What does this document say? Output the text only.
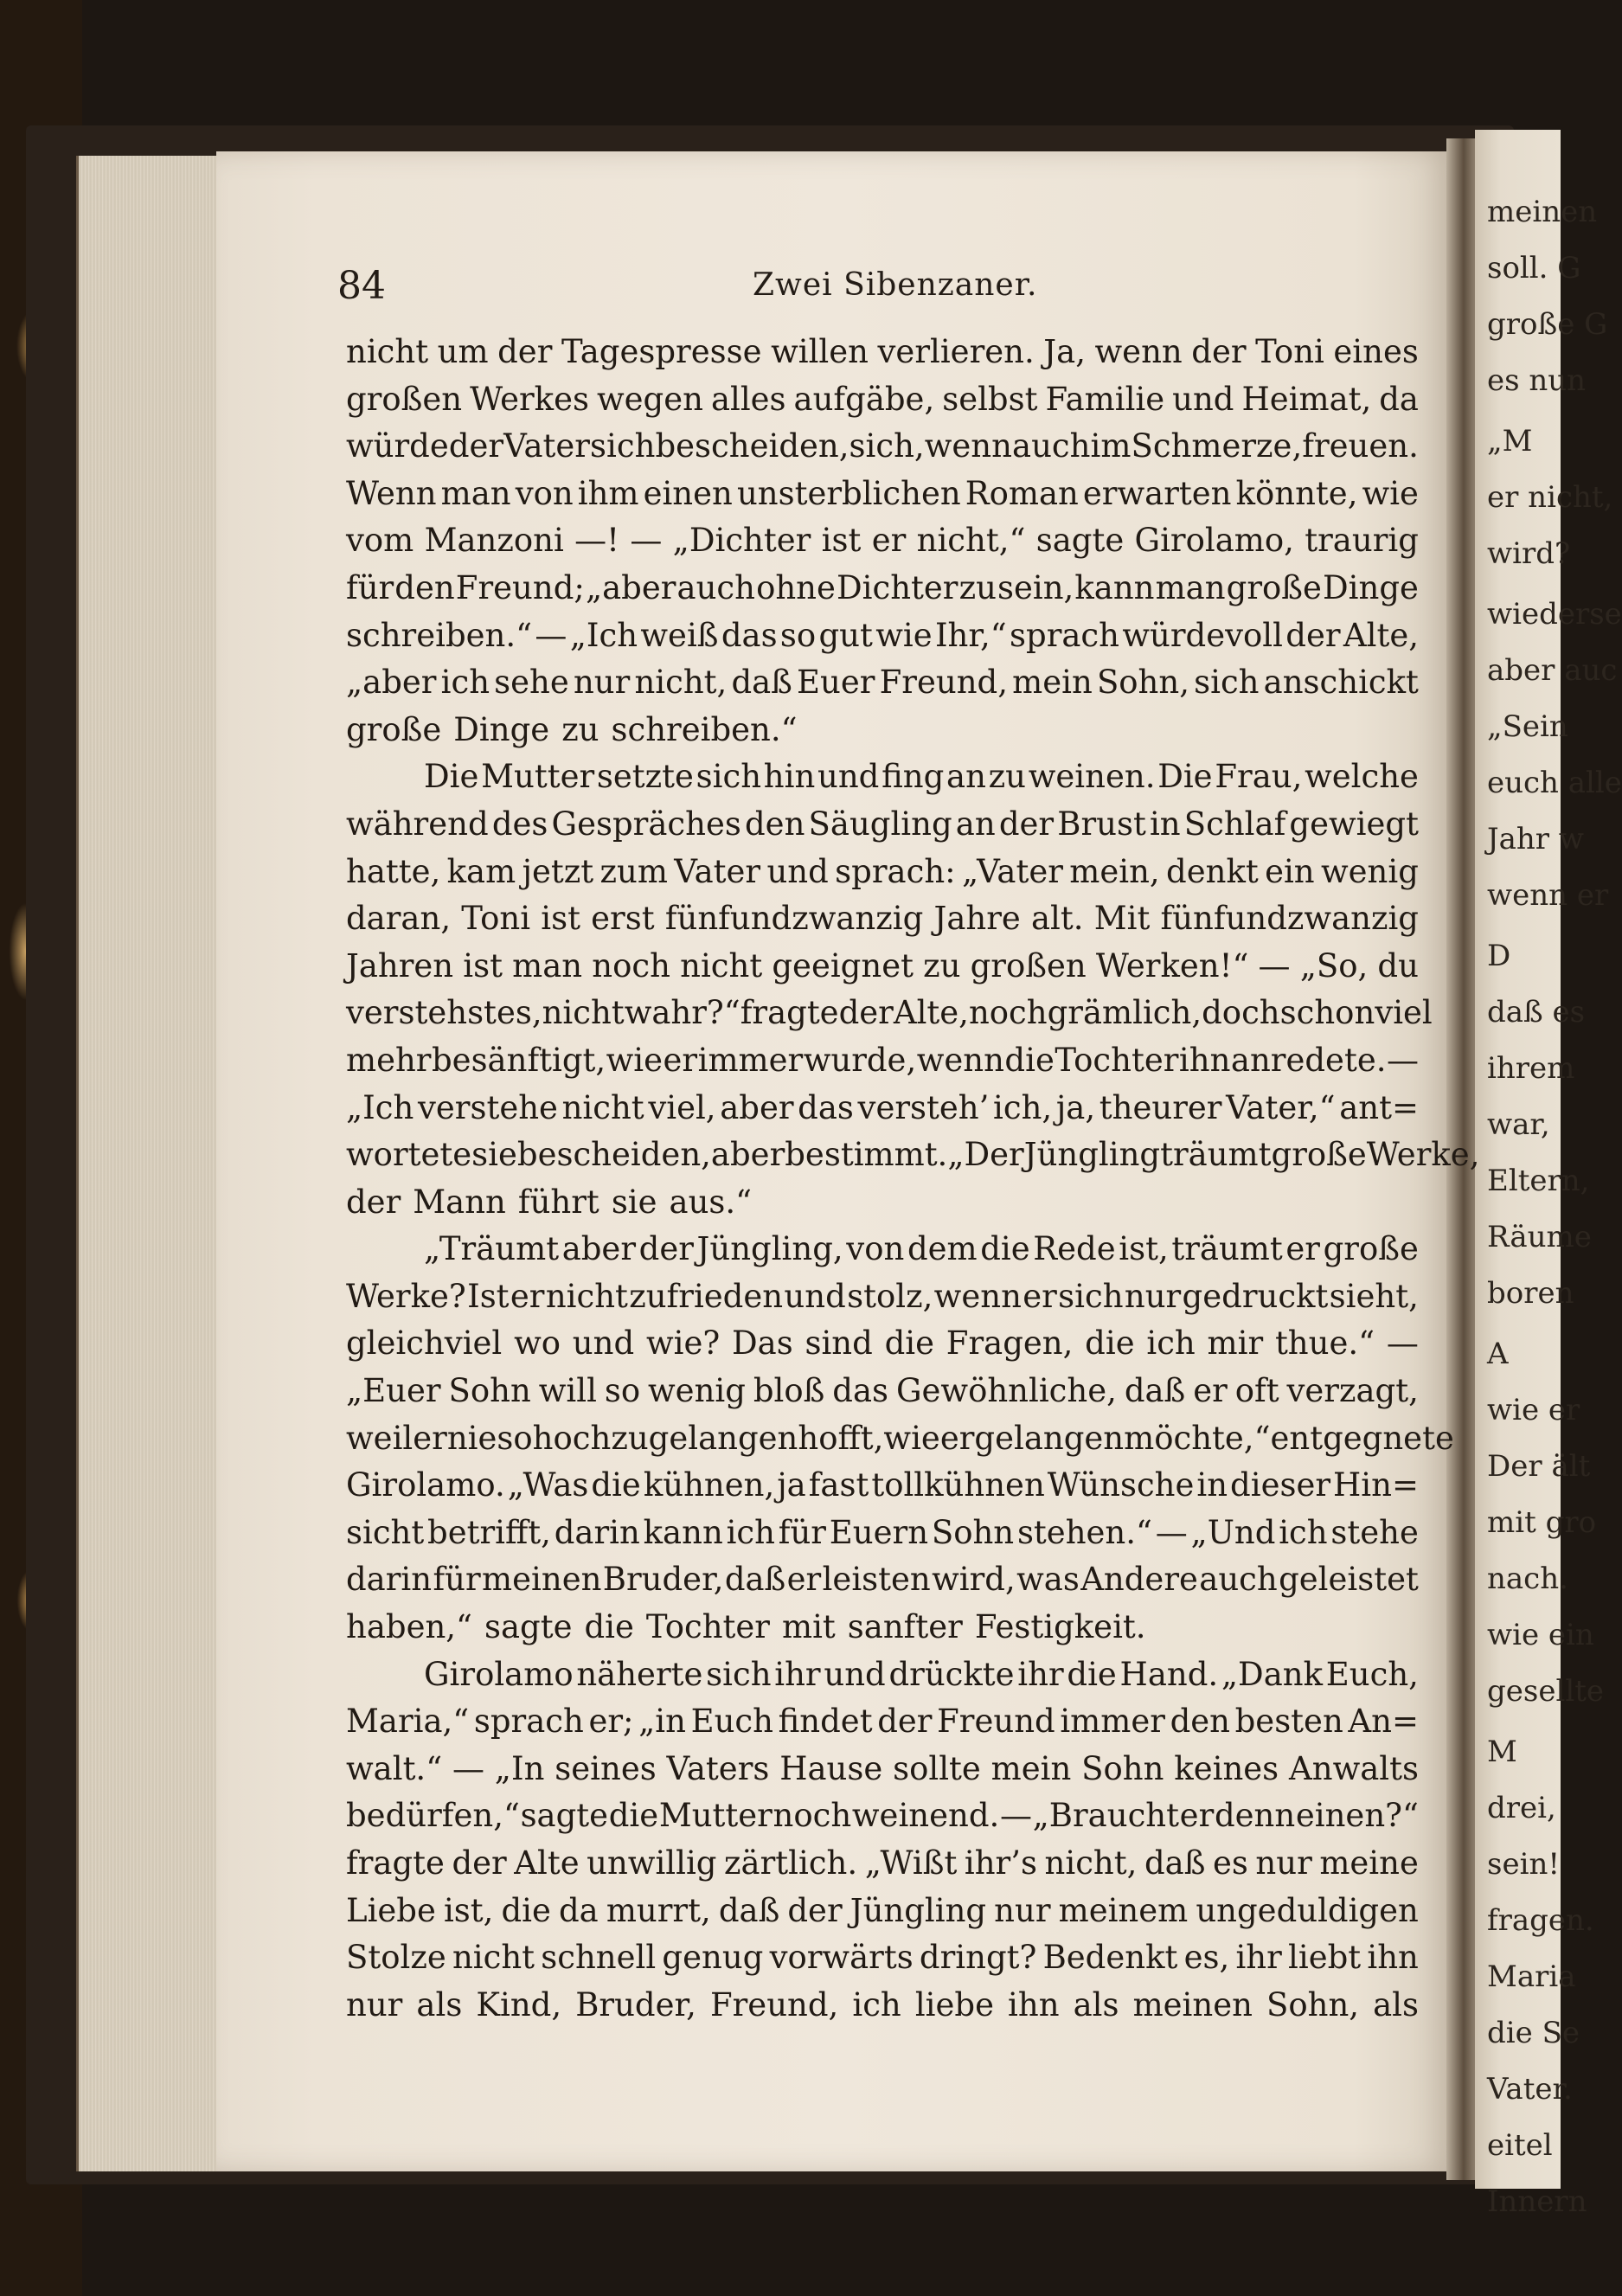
meinen
soll. G
große G
es nun
„M
er nicht,
wird?
wiederse
aber auc
„Sein
euch alle
Jahr w
wenn er
D
daß es
ihrem
war,
Eltern,
Räume
boren
A
wie er
Der ält
mit gro
nach.
wie ein
gesellte
M
drei,
sein!
fragen.
Maria
die Se
Vater.
eitel
Innern
84	Zwei Sibenzaner.
nicht um der Tagespresse willen verlieren. Ja, wenn der Toni eines
großen Werkes wegen alles aufgäbe, selbst Familie und Heimat, da
würde der Vater sich bescheiden, sich, wenn auch im Schmerze, freuen.
Wenn man von ihm einen unsterblichen Roman erwarten könnte, wie
vom Manzoni —! — „Dichter ist er nicht,“ sagte Girolamo, traurig
für den Freund; „aber auch ohne Dichter zu sein, kann man große Dinge
schreiben.“ — „Ich weiß das so gut wie Ihr,“ sprach würdevoll der Alte,
„aber ich sehe nur nicht, daß Euer Freund, mein Sohn, sich anschickt
große Dinge zu schreiben.“
Die Mutter setzte sich hin und fing an zu weinen. Die Frau, welche
während des Gespräches den Säugling an der Brust in Schlaf gewiegt
hatte, kam jetzt zum Vater und sprach: „Vater mein, denkt ein wenig
daran, Toni ist erst fünfundzwanzig Jahre alt. Mit fünfundzwanzig
Jahren ist man noch nicht geeignet zu großen Werken!“ — „So, du
verstehst es, nicht wahr?“ fragte der Alte, noch grämlich, doch schon viel
mehr besänftigt, wie er immer wurde, wenn die Tochter ihn anredete. —
„Ich verstehe nicht viel, aber das versteh’ ich, ja, theurer Vater,“ ant=
wortete sie bescheiden, aber bestimmt. „Der Jüngling träumt große Werke,
der Mann führt sie aus.“
„Träumt aber der Jüngling, von dem die Rede ist, träumt er große
Werke? Ist er nicht zufrieden und stolz, wenn er sich nur gedruckt sieht,
gleichviel wo und wie? Das sind die Fragen, die ich mir thue.“ —
„Euer Sohn will so wenig bloß das Gewöhnliche, daß er oft verzagt,
weil er nie so hoch zu gelangen hofft, wie er gelangen möchte,“ entgegnete
Girolamo. „Was die kühnen, ja fast tollkühnen Wünsche in dieser Hin=
sicht betrifft, darin kann ich für Euern Sohn stehen.“ — „Und ich stehe
darin für meinen Bruder, daß er leisten wird, was Andere auch geleistet
haben,“ sagte die Tochter mit sanfter Festigkeit.
Girolamo näherte sich ihr und drückte ihr die Hand. „Dank Euch,
Maria,“ sprach er; „in Euch findet der Freund immer den besten An=
walt.“ — „In seines Vaters Hause sollte mein Sohn keines Anwalts
bedürfen,“ sagte die Mutter noch weinend. — „Braucht er denn einen?“
fragte der Alte unwillig zärtlich. „Wißt ihr’s nicht, daß es nur meine
Liebe ist, die da murrt, daß der Jüngling nur meinem ungeduldigen
Stolze nicht schnell genug vorwärts dringt? Bedenkt es, ihr liebt ihn
nur als Kind, Bruder, Freund, ich liebe ihn als meinen Sohn, als
